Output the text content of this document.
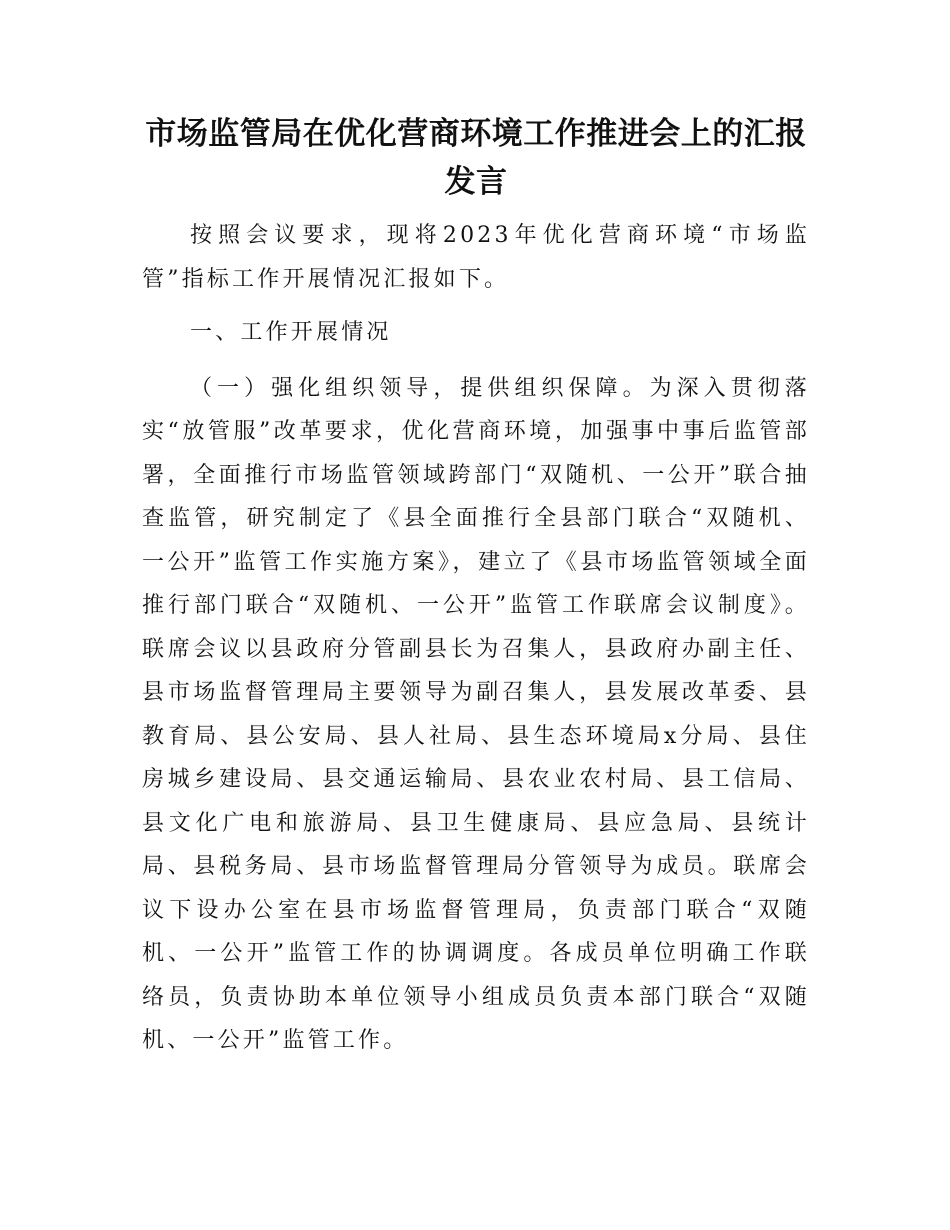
市场监管局在优化营商环境工作推进会上的汇报发言

按照会议要求，现将2023年优化营商环境“市场监管”指标工作开展情况汇报如下。

一、工作开展情况

（一）强化组织领导，提供组织保障。为深入贯彻落实“放管服”改革要求，优化营商环境，加强事中事后监管部署，全面推行市场监管领域跨部门“双随机、一公开”联合抽查监管，研究制定了《县全面推行全县部门联合“双随机、一公开”监管工作实施方案》，建立了《县市场监管领域全面推行部门联合“双随机、一公开”监管工作联席会议制度》。联席会议以县政府分管副县长为召集人，县政府办副主任、县市场监督管理局主要领导为副召集人，县发展改革委、县教育局、县公安局、县人社局、县生态环境局x分局、县住房城乡建设局、县交通运输局、县农业农村局、县工信局、县文化广电和旅游局、县卫生健康局、县应急局、县统计局、县税务局、县市场监督管理局分管领导为成员。联席会议下设办公室在县市场监督管理局，负责部门联合“双随机、一公开”监管工作的协调调度。各成员单位明确工作联络员，负责协助本单位领导小组成员负责本部门联合“双随机、一公开”监管工作。
